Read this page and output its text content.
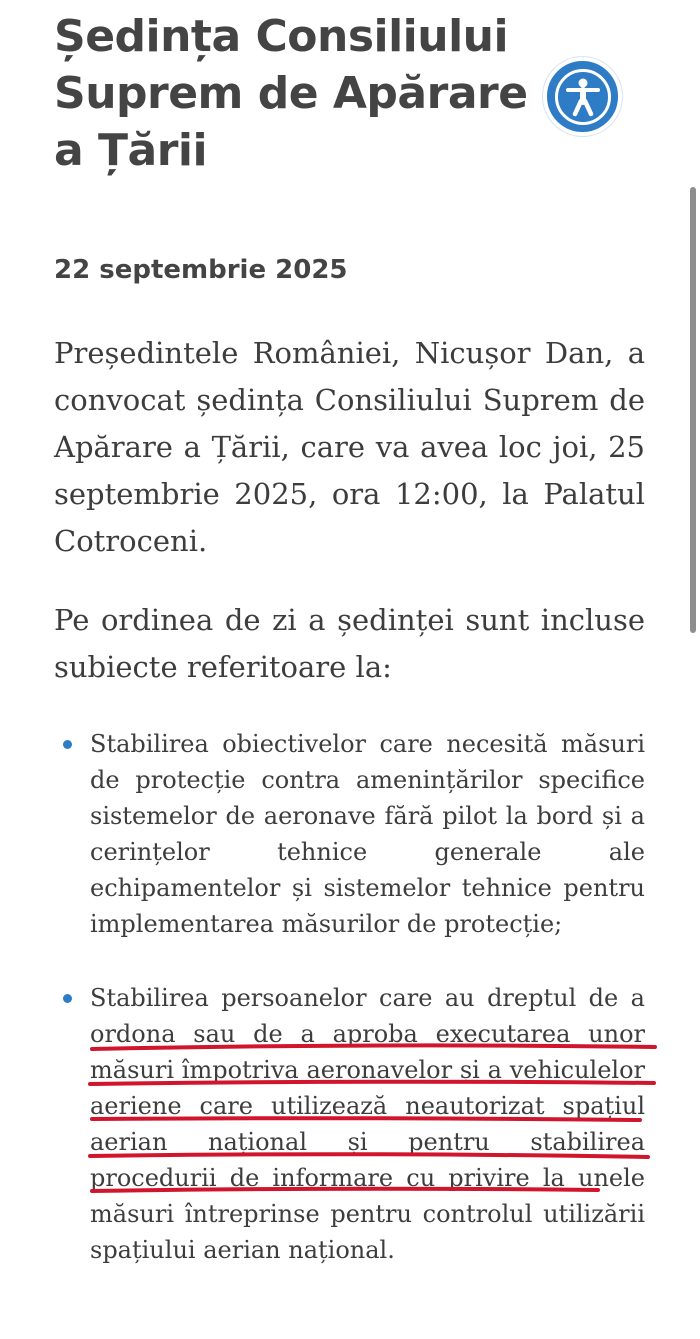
Ședința Consiliului Suprem de Apărare a Țării

22 septembrie 2025

Președintele României, Nicușor Dan, a convocat ședința Consiliului Suprem de Apărare a Țării, care va avea loc joi, 25 septembrie 2025, ora 12:00, la Palatul Cotroceni.

Pe ordinea de zi a ședinței sunt incluse subiecte referitoare la:

Stabilirea obiectivelor care necesită măsuri de protecție contra amenințărilor specifice sistemelor de aeronave fără pilot la bord și a cerințelor tehnice generale ale echipamentelor și sistemelor tehnice pentru implementarea măsurilor de protecție;
Stabilirea persoanelor care au dreptul de a ordona sau de a aproba executarea unor măsuri împotriva aeronavelor și a vehiculelor aeriene care utilizează neautorizat spațiul aerian național și pentru stabilirea procedurii de informare cu privire la unele măsuri întreprinse pentru controlul utilizării spațiului aerian național.
